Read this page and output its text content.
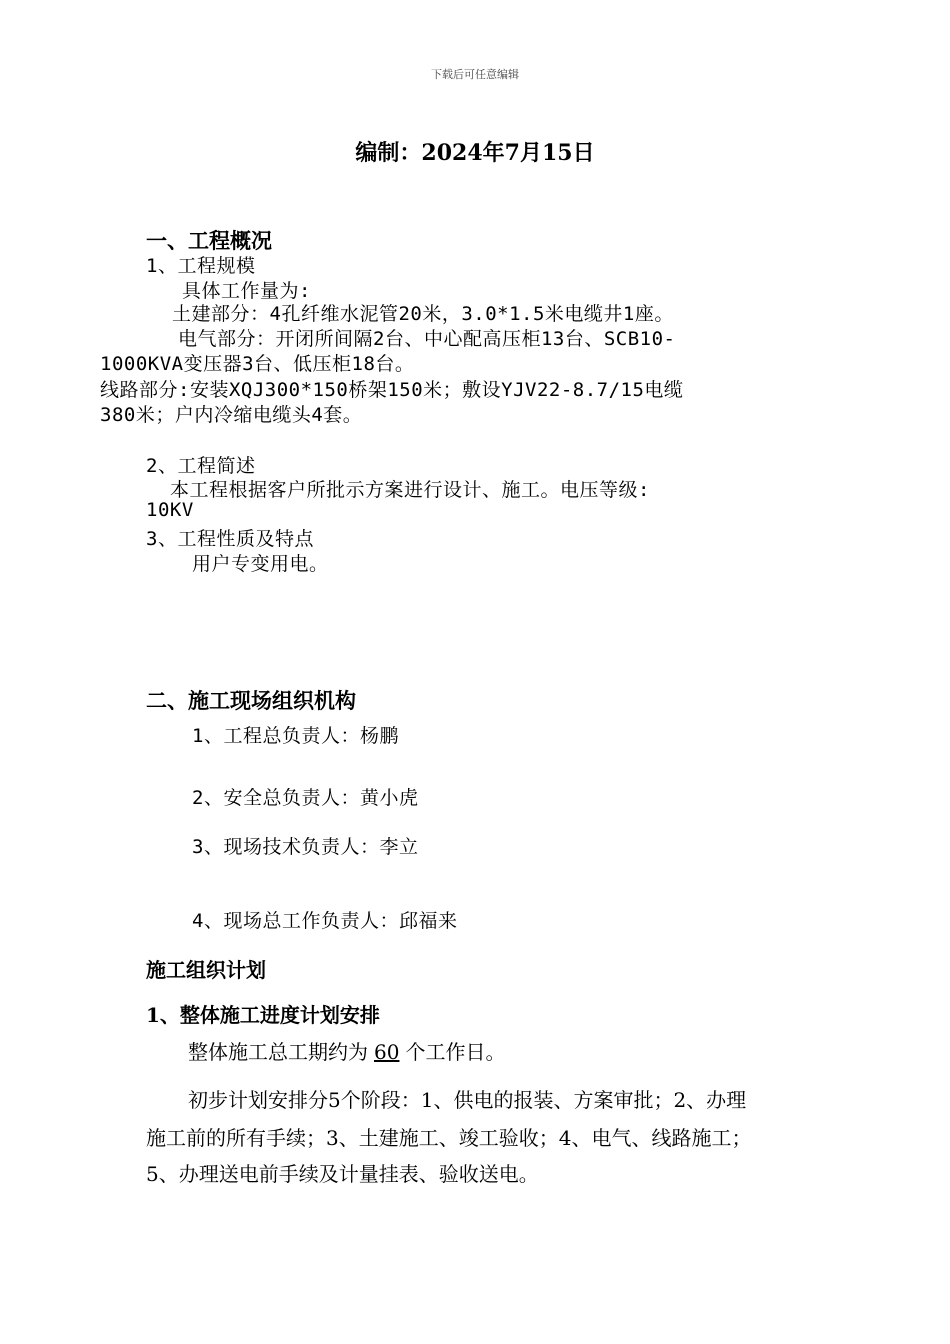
下载后可任意编辑
编制：2024年7月15日
一、工程概况
1、工程规模
具体工作量为:
土建部分：4孔纤维水泥管20米，3.0*1.5米电缆井1座。
电气部分：开闭所间隔2台、中心配高压柜13台、SCB10-
1000KVA变压器3台、低压柜18台。
线路部分:安装XQJ300*150桥架150米；敷设YJV22-8.7/15电缆
380米；户内冷缩电缆头4套。
2、工程简述
本工程根据客户所批示方案进行设计、施工。电压等级:
10KV
3、工程性质及特点
用户专变用电。
二、施工现场组织机构
1、工程总负责人：杨鹏
2、安全总负责人：黄小虎
3、现场技术负责人：李立
4、现场总工作负责人：邱福来
施工组织计划
1、整体施工进度计划安排
整体施工总工期约为 60 个工作日。
初步计划安排分5个阶段：1、供电的报装、方案审批；2、办理
施工前的所有手续；3、土建施工、竣工验收；4、电气、线路施工；
5、办理送电前手续及计量挂表、验收送电。
